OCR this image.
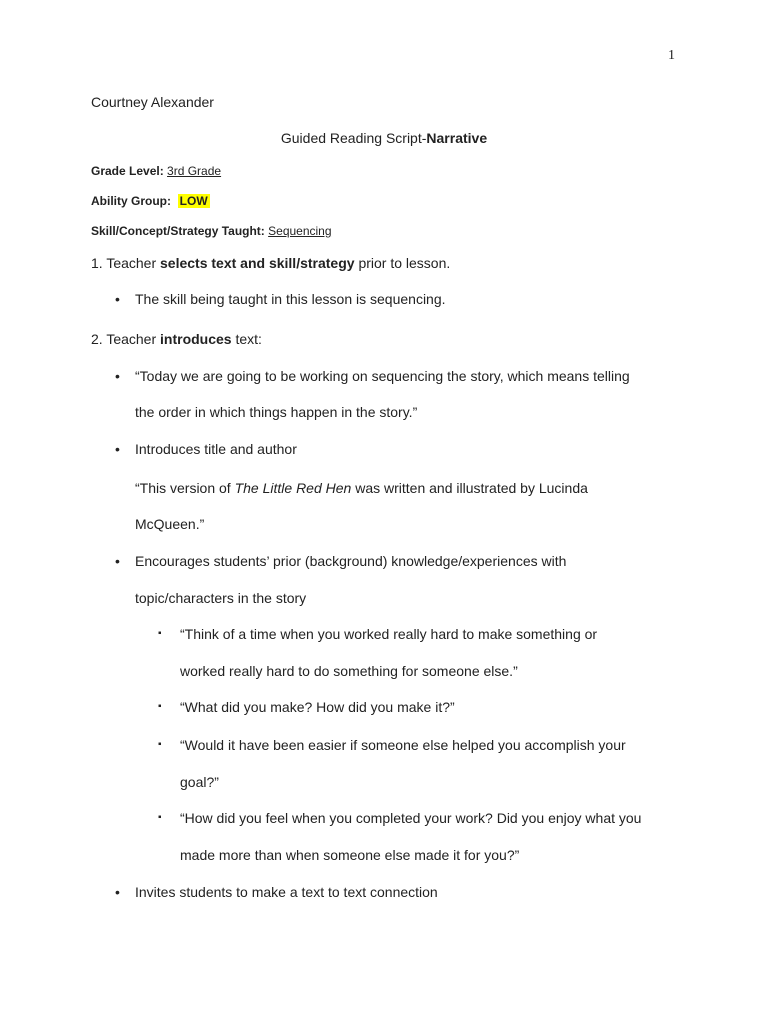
1
Courtney Alexander
Guided Reading Script-Narrative
Grade Level: 3rd Grade
Ability Group: LOW
Skill/Concept/Strategy Taught: Sequencing
1. Teacher selects text and skill/strategy prior to lesson.
• The skill being taught in this lesson is sequencing.
2. Teacher introduces text:
• “Today we are going to be working on sequencing the story, which means telling
the order in which things happen in the story.”
• Introduces title and author
“This version of The Little Red Hen was written and illustrated by Lucinda
McQueen.”
• Encourages students’ prior (background) knowledge/experiences with
topic/characters in the story
▪ “Think of a time when you worked really hard to make something or
worked really hard to do something for someone else.”
▪ “What did you make? How did you make it?”
▪ “Would it have been easier if someone else helped you accomplish your
goal?”
▪ “How did you feel when you completed your work? Did you enjoy what you
made more than when someone else made it for you?”
• Invites students to make a text to text connection
